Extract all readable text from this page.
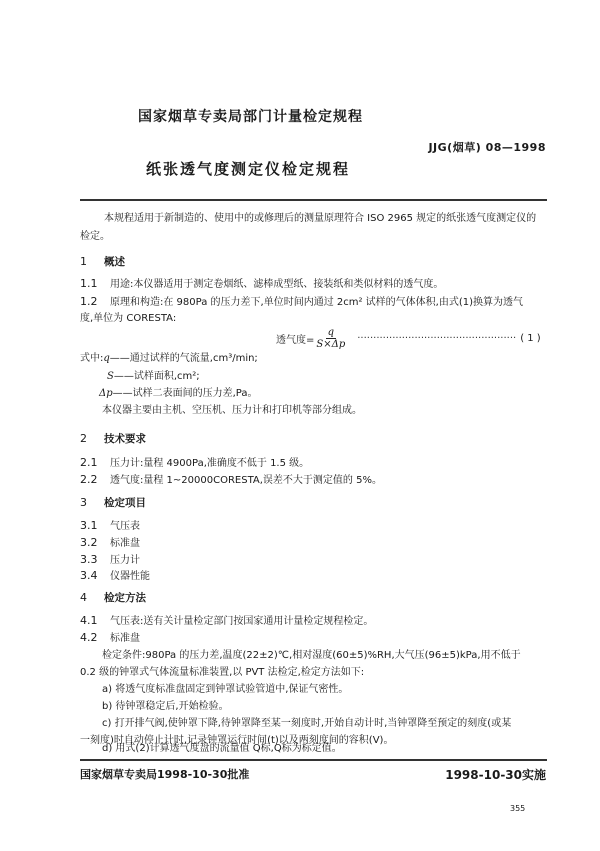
国家烟草专卖局部门计量检定规程
JJG(烟草) 08—1998
纸张透气度测定仪检定规程
本规程适用于新制造的、使用中的或修理后的测量原理符合 ISO 2965 规定的纸张透气度测定仪的
检定。
1 概述
1.1 用途:本仪器适用于测定卷烟纸、滤棒成型纸、接装纸和类似材料的透气度。
1.2 原理和构造:在 980Pa 的压力差下,单位时间内通过 2cm² 试样的气体体积,由式(1)换算为透气
度,单位为 CORESTA:
透气度= $\frac{q}{S\times\Delta p}$ ·················································· ( 1 )
式中:q——通过试样的气流量,cm³/min;
S——试样面积,cm²;
Δp——试样二表面间的压力差,Pa。
本仪器主要由主机、空压机、压力计和打印机等部分组成。
2 技术要求
2.1 压力计:量程 4900Pa,准确度不低于 1.5 级。
2.2 透气度:量程 1~20000CORESTA,误差不大于测定值的 5%。
3 检定项目
3.1 气压表
3.2 标准盘
3.3 压力计
3.4 仪器性能
4 检定方法
4.1 气压表:送有关计量检定部门按国家通用计量检定规程检定。
4.2 标准盘
检定条件:980Pa 的压力差,温度(22±2)℃,相对湿度(60±5)%RH,大气压(96±5)kPa,用不低于
0.2 级的钟罩式气体流量标准装置,以 PVT 法检定,检定方法如下:
a) 将透气度标准盘固定到钟罩试验管道中,保证气密性。
b) 待钟罩稳定后,开始检验。
c) 打开排气阀,使钟罩下降,待钟罩降至某一刻度时,开始自动计时,当钟罩降至预定的刻度(或某
一刻度)时自动停止计时,记录钟罩运行时间(t)以及两刻度间的容积(V)。
d) 用式(2)计算透气度盘的流量值 Q标,Q标为标定值。
国家烟草专卖局1998-10-30批准	1998-10-30实施
355
